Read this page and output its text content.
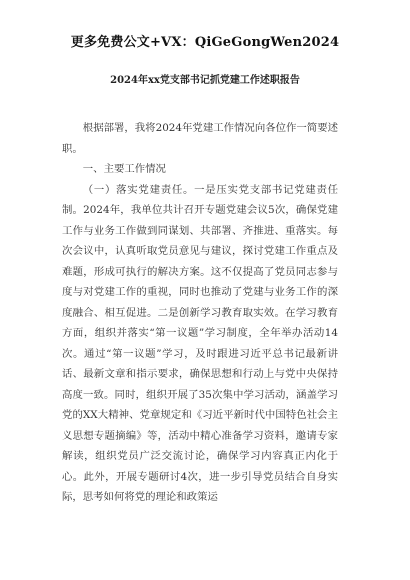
更多免费公文+VX：QiGeGongWen2024
2024年xx党支部书记抓党建工作述职报告

根据部署，我将2024年党建工作情况向各位作一简要述职。

一、主要工作情况

（一）落实党建责任。一是压实党支部书记党建责任制。2024年，我单位共计召开专题党建会议5次，确保党建工作与业务工作做到同谋划、共部署、齐推进、重落实。每次会议中，认真听取党员意见与建议，探讨党建工作重点及难题，形成可执行的解决方案。这不仅提高了党员同志参与度与对党建工作的重视，同时也推动了党建与业务工作的深度融合、相互促进。二是创新学习教育取实效。在学习教育方面，组织并落实“第一议题”学习制度，全年举办活动14次。通过“第一议题”学习，及时跟进习近平总书记最新讲话、最新文章和指示要求，确保思想和行动上与党中央保持高度一致。同时，组织开展了35次集中学习活动，涵盖学习党的XX大精神、党章规定和《习近平新时代中国特色社会主义思想专题摘编》等，活动中精心准备学习资料，邀请专家解读，组织党员广泛交流讨论，确保学习内容真正内化于心。此外，开展专题研讨4次，进一步引导党员结合自身实际，思考如何将党的理论和政策运
